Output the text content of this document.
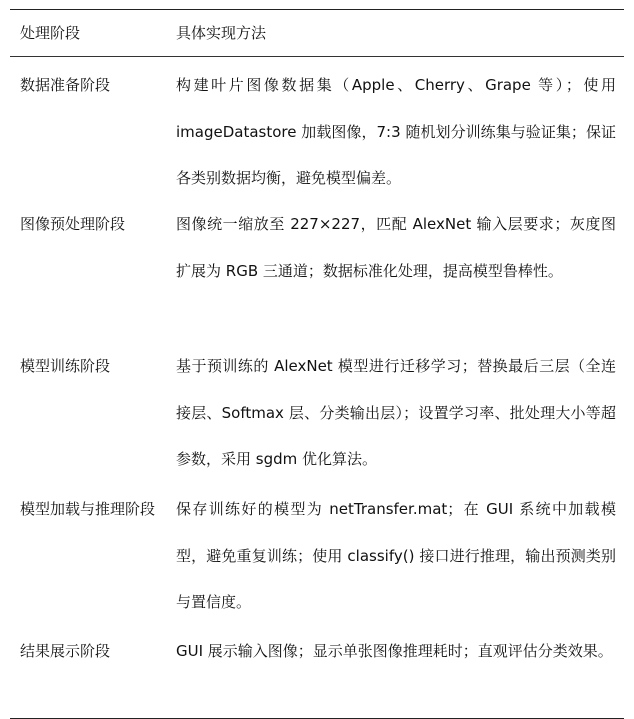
处理阶段	具体实现方法
数据准备阶段	构建叶片图像数据集（Apple、Cherry、Grape 等）；使用 imageDatastore 加载图像，7:3 随机划分训练集与验证集；保证各类别数据均衡，避免模型偏差。
图像预处理阶段	图像统一缩放至 227×227，匹配 AlexNet 输入层要求；灰度图扩展为 RGB 三通道；数据标准化处理，提高模型鲁棒性。
模型训练阶段	基于预训练的 AlexNet 模型进行迁移学习；替换最后三层（全连接层、Softmax 层、分类输出层）；设置学习率、批处理大小等超参数，采用 sgdm 优化算法。
模型加载与推理阶段	保存训练好的模型为 netTransfer.mat；在 GUI 系统中加载模型，避免重复训练；使用 classify() 接口进行推理，输出预测类别与置信度。
结果展示阶段	GUI 展示输入图像；显示单张图像推理耗时；直观评估分类效果。
